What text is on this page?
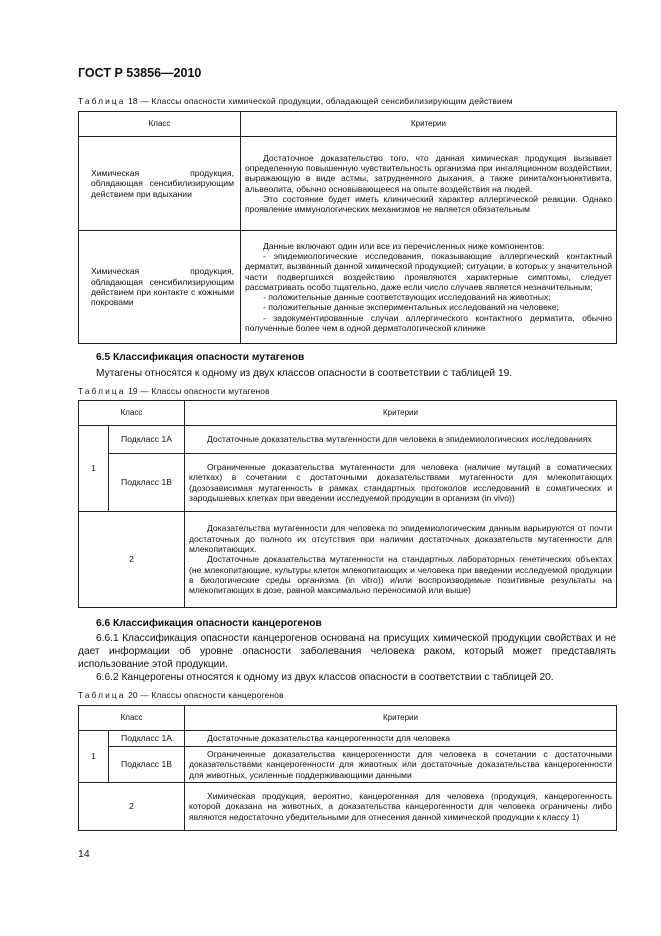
ГОСТ Р 53856—2010
Таблица 18 — Классы опасности химической продукции, обладающей сенсибилизирующим действием
Класс	Критерии
Химическая продукция, обладающая сенсибилизирующим действием при вдыхании	Достаточное доказательство того, что данная химическая продукция вызывает определенную повышенную чувствительность организма при ингаляционном воздействии, выражающую в виде астмы, затрудненного дыхания, а также ринита/конъюнктивита, альвеолита, обычно основывающееся на опыте воздействия на людей.

Это состояние будет иметь клинический характер аллергической реакции. Однако проявление иммунологических механизмов не является обязательным

Химическая продукция, обладающая сенсибилизирующим действием при контакте с кожными покровами	Данные включают один или все из перечисленных ниже компонентов:

- эпидемиологические исследования, показывающие аллергический контактный дерматит, вызванный данной химической продукцией; ситуации, в которых у значительной части подвергшихся воздействию проявляются характерные симптомы, следует рассматривать особо тщательно, даже если число случаев является незначительным;

- положительные данные соответствующих исследований на животных;

- положительные данные экспериментальных исследований на человеке;

- задокументированные случаи аллергического контактного дерматита, обычно полученные более чем в одной дерматологической клинике

6.5 Классификация опасности мутагенов
Мутагены относятся к одному из двух классов опасности в соответствии с таблицей 19.
Таблица 19 — Классы опасности мутагенов
Класс		Критерии
1	Подкласс 1А	Достаточные доказательства мутагенности для человека в эпидемиологических исследованиях
	Подкласс 1В	Ограниченные доказательства мутагенности для человека (наличие мутаций в соматических клетках) в сочетании с достаточными доказательствами мутагенности для млекопитающих (дозозависимая мутагенность в рамках стандартных протоколов исследований в соматических и зародышевых клетках при введении исследуемой продукции в организм (in vivo))
2		Доказательства мутагенности для человека по эпидемиологическим данным варьируются от почти достаточных до полного их отсутствия при наличии достаточных доказательств мутагенности для млекопитающих.

Достаточные доказательства мутагенности на стандартных лабораторных генетических объектах (не млекопитающие, культуры клеток млекопитающих и человека при введении исследуемой продукции в биологические среды организма (in vitro)) и/или воспроизводимые позитивные результаты на млекопитающих в дозе, равной максимально переносимой или выше)

6.6 Классификация опасности канцерогенов

6.6.1 Классификация опасности канцерогенов основана на присущих химической продукции свойствах и не дает информации об уровне опасности заболевания человека раком, который может представлять использование этой продукции.

6.6.2 Канцерогены относятся к одному из двух классов опасности в соответствии с таблицей 20.

Таблица 20 — Классы опасности канцерогенов
Класс		Критерии
1	Подкласс 1А	Достаточные доказательства канцерогенности для человека
	Подкласс 1В	Ограниченные доказательства канцерогенности для человека в сочетании с достаточными доказательствами канцерогенности для животных или достаточные доказательства канцерогенности для животных, усиленные поддерживающими данными
2		Химическая продукция, вероятно, канцерогенная для человека (продукция, канцерогенность которой доказана на животных, а доказательства канцерогенности для человека ограничены либо являются недостаточно убедительными для отнесения данной химической продукции к классу 1)
14
